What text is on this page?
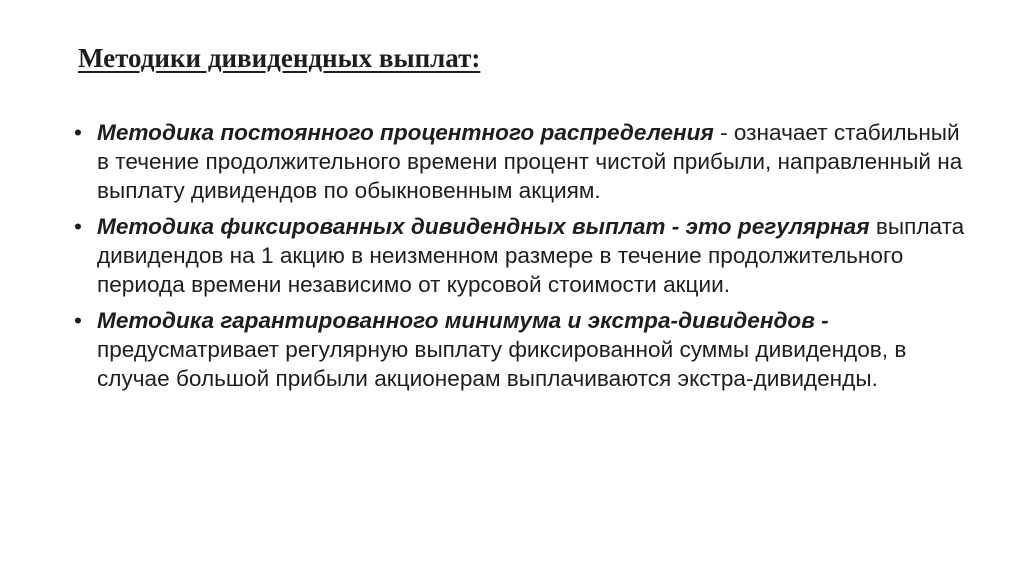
Методики дивидендных выплат:
• Методика постоянного процентного распределения - означает стабильный в течение продолжительного времени процент чистой прибыли, направленный на выплату дивидендов по обыкновенным акциям.
• Методика фиксированных дивидендных выплат - это регулярная выплата дивидендов на 1 акцию в неизменном размере в течение продолжительного периода времени независимо от курсовой стоимости акции.
• Методика гарантированного минимума и экстра-дивидендов - предусматривает регулярную выплату фиксированной суммы дивидендов, в случае большой прибыли акционерам выплачиваются экстра-дивиденды.
